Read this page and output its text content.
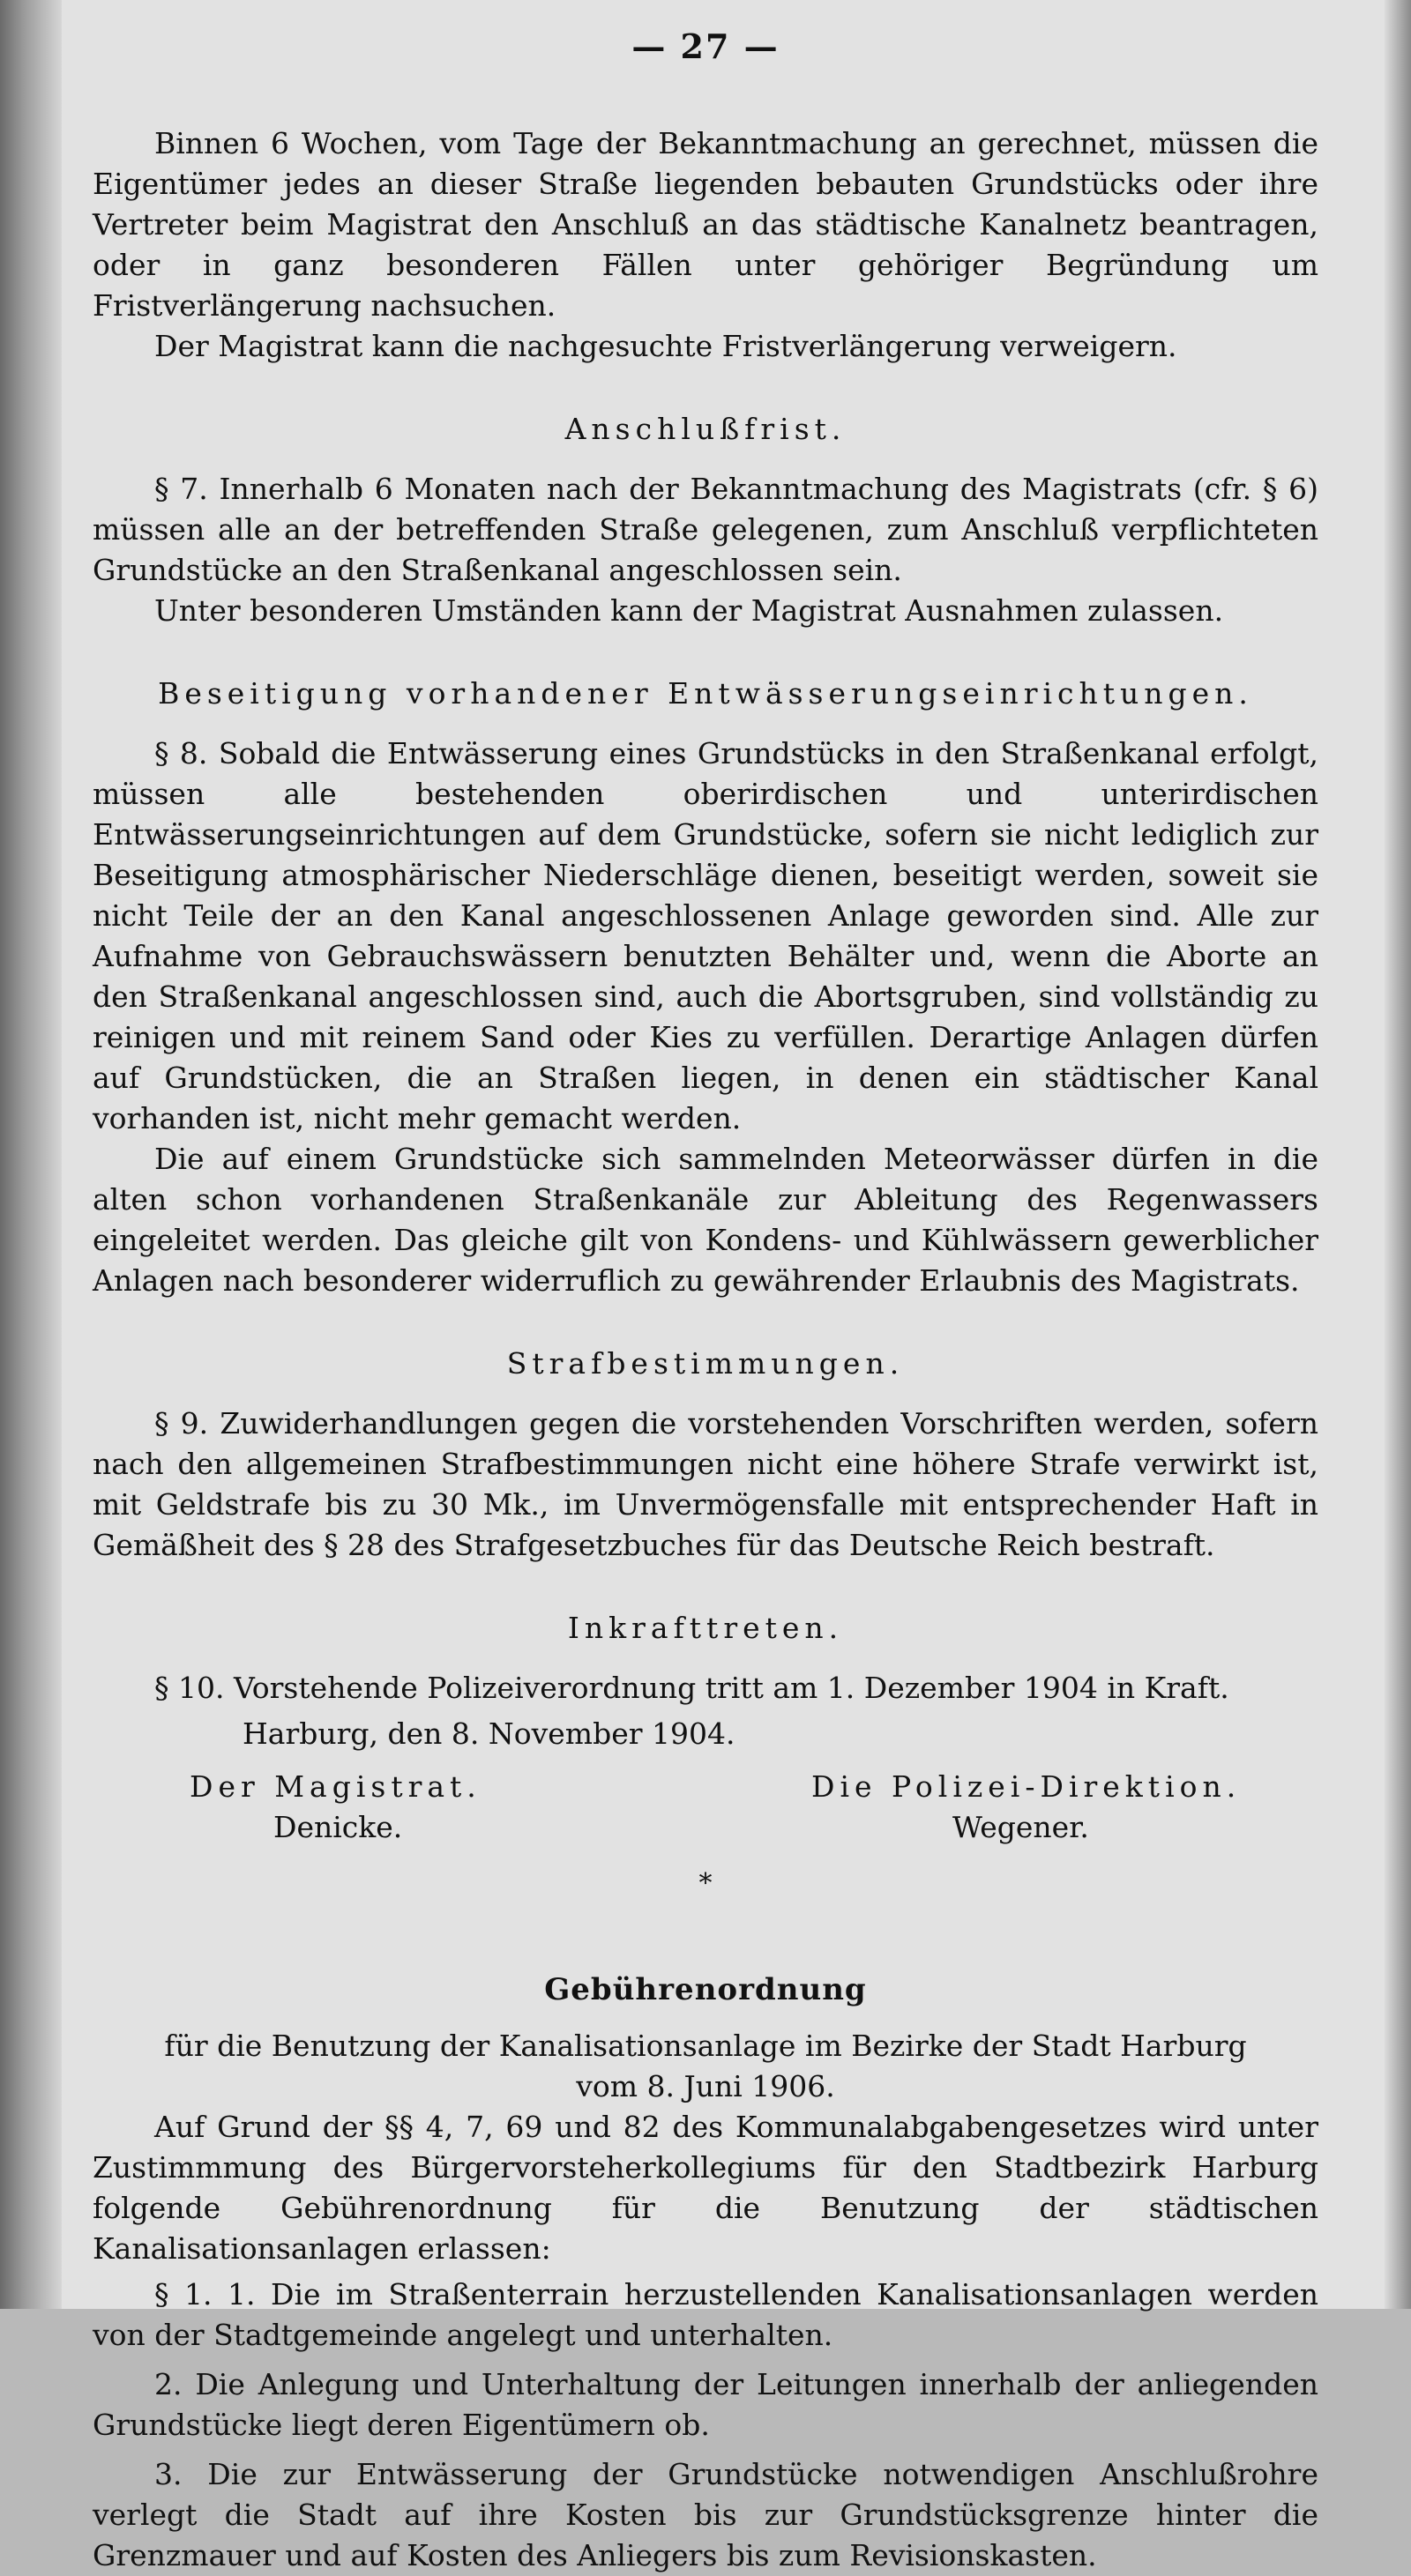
— 27 —

Binnen 6 Wochen, vom Tage der Bekanntmachung an gerechnet, müssen die Eigentümer jedes an dieser Straße liegenden bebauten Grundstücks oder ihre Vertreter beim Magistrat den Anschluß an das städtische Kanalnetz beantragen, oder in ganz besonderen Fällen unter gehöriger Begründung um Fristverlängerung nachsuchen.

Der Magistrat kann die nachgesuchte Fristverlängerung verweigern.

Anschlußfrist.

§ 7. Innerhalb 6 Monaten nach der Bekanntmachung des Magistrats (cfr. § 6) müssen alle an der betreffenden Straße gelegenen, zum Anschluß verpflichteten Grundstücke an den Straßenkanal angeschlossen sein.

Unter besonderen Umständen kann der Magistrat Ausnahmen zulassen.

Beseitigung vorhandener Entwässerungseinrichtungen.

§ 8. Sobald die Entwässerung eines Grundstücks in den Straßenkanal erfolgt, müssen alle bestehenden oberirdischen und unterirdischen Entwässerungseinrichtungen auf dem Grundstücke, sofern sie nicht lediglich zur Beseitigung atmosphärischer Niederschläge dienen, beseitigt werden, soweit sie nicht Teile der an den Kanal angeschlossenen Anlage geworden sind. Alle zur Aufnahme von Gebrauchswässern benutzten Behälter und, wenn die Aborte an den Straßenkanal angeschlossen sind, auch die Abortsgruben, sind vollständig zu reinigen und mit reinem Sand oder Kies zu verfüllen. Derartige Anlagen dürfen auf Grundstücken, die an Straßen liegen, in denen ein städtischer Kanal vorhanden ist, nicht mehr gemacht werden.

Die auf einem Grundstücke sich sammelnden Meteorwässer dürfen in die alten schon vorhandenen Straßenkanäle zur Ableitung des Regenwassers eingeleitet werden. Das gleiche gilt von Kondens- und Kühlwässern gewerblicher Anlagen nach besonderer widerruflich zu gewährender Erlaubnis des Magistrats.

Strafbestimmungen.

§ 9. Zuwiderhandlungen gegen die vorstehenden Vorschriften werden, sofern nach den allgemeinen Strafbestimmungen nicht eine höhere Strafe verwirkt ist, mit Geldstrafe bis zu 30 Mk., im Unvermögensfalle mit entsprechender Haft in Gemäßheit des § 28 des Strafgesetzbuches für das Deutsche Reich bestraft.

Inkrafttreten.

§ 10. Vorstehende Polizeiverordnung tritt am 1. Dezember 1904 in Kraft.

Harburg, den 8. November 1904.

Der Magistrat.
Denicke.
Die Polizei-Direktion.
Wegener.
*
Gebührenordnung

für die Benutzung der Kanalisationsanlage im Bezirke der Stadt Harburg

vom 8. Juni 1906.

Auf Grund der §§ 4, 7, 69 und 82 des Kommunalabgabengesetzes wird unter Zustimmmung des Bürgervorsteherkollegiums für den Stadtbezirk Harburg folgende Gebührenordnung für die Benutzung der städtischen Kanalisationsanlagen erlassen:

§ 1. 1. Die im Straßenterrain herzustellenden Kanalisationsanlagen werden von der Stadtgemeinde angelegt und unterhalten.

2. Die Anlegung und Unterhaltung der Leitungen innerhalb der anliegenden Grundstücke liegt deren Eigentümern ob.

3. Die zur Entwässerung der Grundstücke notwendigen Anschlußrohre verlegt die Stadt auf ihre Kosten bis zur Grundstücksgrenze hinter die Grenzmauer und auf Kosten des Anliegers bis zum Revisionskasten.
